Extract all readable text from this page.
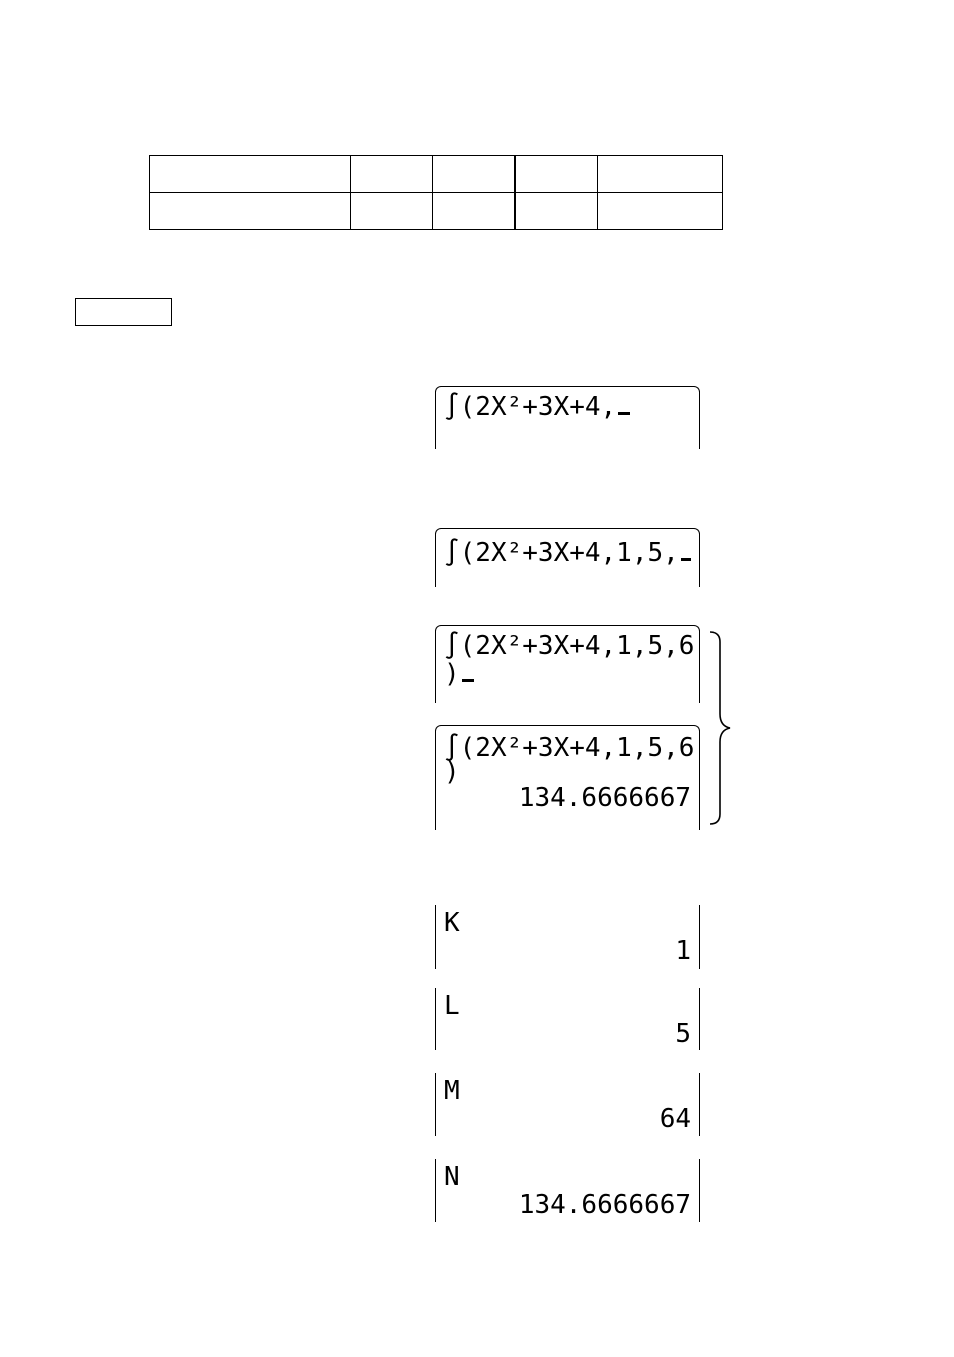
∫(2X²+3X+4,
∫(2X²+3X+4,1,5,
∫(2X²+3X+4,1,5,6
)
∫(2X²+3X+4,1,5,6
)
134.6666667
K
1
L
5
M
64
N
134.6666667
